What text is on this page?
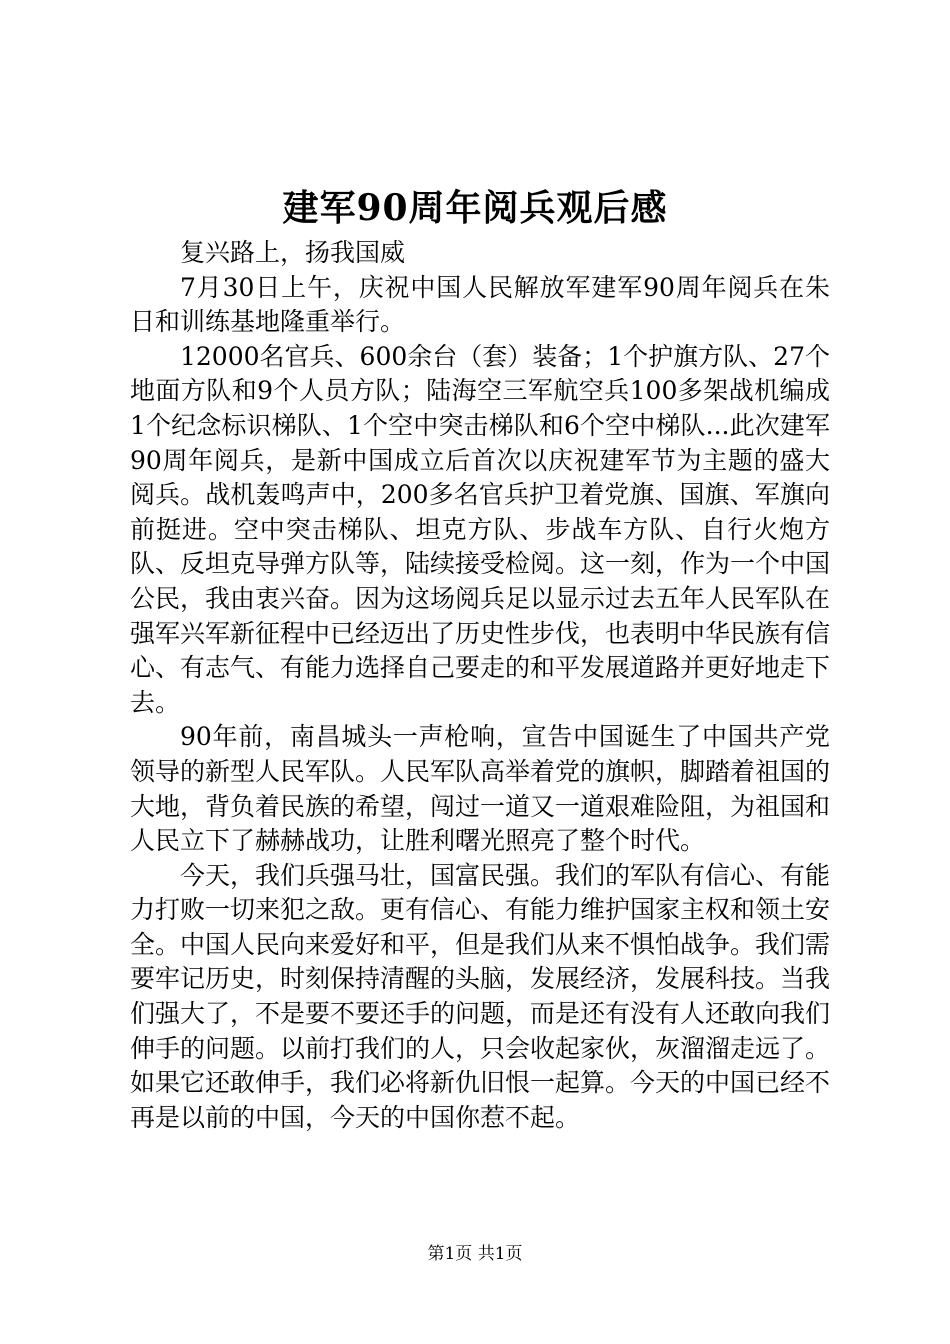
建军90周年阅兵观后感

复兴路上，扬我国威

7月30日上午，庆祝中国人民解放军建军90周年阅兵在朱日和训练基地隆重举行。

12000名官兵、600余台（套）装备；1个护旗方队、27个地面方队和9个人员方队；陆海空三军航空兵100多架战机编成1个纪念标识梯队、1个空中突击梯队和6个空中梯队...此次建军90周年阅兵，是新中国成立后首次以庆祝建军节为主题的盛大阅兵。战机轰鸣声中，200多名官兵护卫着党旗、国旗、军旗向前挺进。空中突击梯队、坦克方队、步战车方队、自行火炮方队、反坦克导弹方队等，陆续接受检阅。这一刻，作为一个中国公民，我由衷兴奋。因为这场阅兵足以显示过去五年人民军队在强军兴军新征程中已经迈出了历史性步伐，也表明中华民族有信心、有志气、有能力选择自己要走的和平发展道路并更好地走下去。

90年前，南昌城头一声枪响，宣告中国诞生了中国共产党领导的新型人民军队。人民军队高举着党的旗帜，脚踏着祖国的大地，背负着民族的希望，闯过一道又一道艰难险阻，为祖国和人民立下了赫赫战功，让胜利曙光照亮了整个时代。

今天，我们兵强马壮，国富民强。我们的军队有信心、有能力打败一切来犯之敌。更有信心、有能力维护国家主权和领土安全。中国人民向来爱好和平，但是我们从来不惧怕战争。我们需要牢记历史，时刻保持清醒的头脑，发展经济，发展科技。当我们强大了，不是要不要还手的问题，而是还有没有人还敢向我们伸手的问题。以前打我们的人，只会收起家伙，灰溜溜走远了。如果它还敢伸手，我们必将新仇旧恨一起算。今天的中国已经不再是以前的中国，今天的中国你惹不起。

第1页 共1页
